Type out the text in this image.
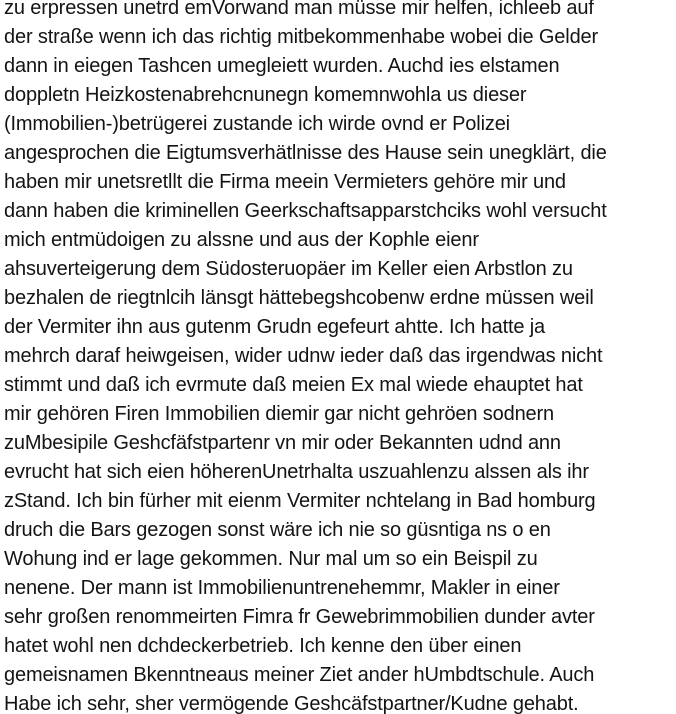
zu erpressen unetrd emVorwand man müsse mir helfen, ichleeb auf
der straße wenn ich das richtig mitbekommenhabe wobei die Gelder
dann in eiegen Tashcen umegleiett wurden. Auchd ies elstamen
doppletn Heizkostenabrehcnunegn komemnwohla us dieser
(Immobilien-)betrügerei zustande ich wirde ovnd er Polizei
angesprochen die Eigtumsverhätlnisse des Hause sein unegklärt, die
haben mir unetsretllt die Firma meein Vermieters gehöre mir und
dann haben die kriminellen Geerkschaftsapparstchciks wohl versucht
mich entmüdoigen zu alssne und aus der Kophle eienr
ahsuverteigerung dem Südosteruopäer im Keller eien Arbstlon zu
bezhalen de riegtnlcih länsgt hättebegshcobenw erdne müssen weil
der Vermiter ihn aus gutenm Grudn egefeurt ahtte. Ich hatte ja
mehrch daraf heiwgeisen, wider udnw ieder daß das irgendwas nicht
stimmt und daß ich evrmute daß meien Ex mal wiede ehauptet hat
mir gehören Firen Immobilien diemir gar nicht gehröen sodnern
zuMbesipile Geshcfäfstpartenr vn mir oder Bekannten udnd ann
evrucht hat sich eien höherenUnetrhalta uszuahlenzu alssen als ihr
zStand. Ich bin fürher mit eienm Vermiter nchtelang in Bad homburg
druch die Bars gezogen sonst wäre ich nie so güsntiga ns o en
Wohung ind er lage gekommen. Nur mal um so ein Beispil zu
nenene. Der mann ist Immobilienuntrenehemmr, Makler in einer
sehr großen renommeirten Fimra fr Gewebrimmobilien dunder avter
hatet wohl nen dchdeckerbetrieb. Ich kenne den über einen
gemeisnamen Bkenntneaus meiner Ziet ander hUmbdtschule. Auch
Habe ich sehr, sher vermögende Geshcäfstpartner/Kudne gehabt.
